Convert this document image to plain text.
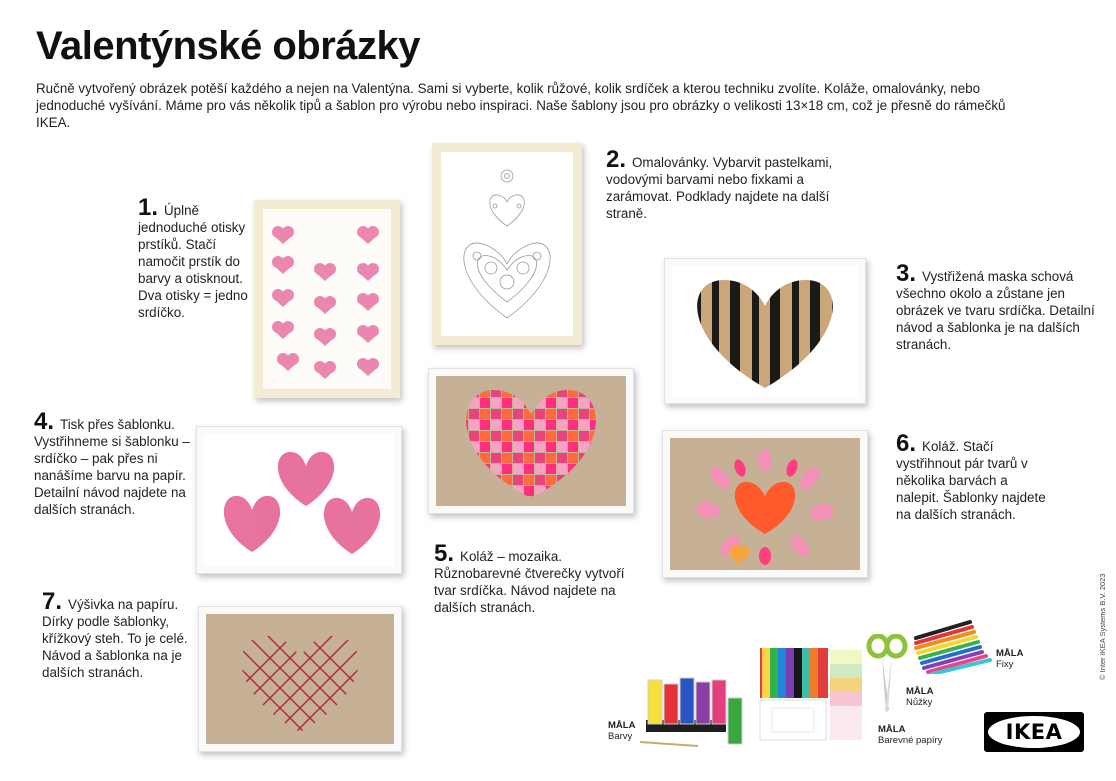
Valentýnské obrázky

Ručně vytvořený obrázek potěší každého a nejen na Valentýna. Sami si vyberte, kolik růžové, kolik srdíček a kterou techniku zvolíte. Koláže, omalovánky, nebo jednoduché vyšívání. Máme pro vás několik tipů a šablon pro výrobu nebo inspiraci. Naše šablony jsou pro obrázky o velikosti 13×18 cm, což je přesně do rámečků IKEA.

1. Úplně jednoduché otisky prstíků. Stačí namočit prstík do barvy a otisknout. Dva otisky = jedno srdíčko.
2. Omalovánky. Vybarvit pastelkami, vodovými barvami nebo fixkami a zarámovat. Podklady najdete na další straně.
3. Vystřižená maska schová všechno okolo a zůstane jen obrázek ve tvaru srdíčka. Detailní návod a šablonka je na dalších stranách.
4. Tisk přes šablonku. Vystřihneme si šablonku – srdíčko – pak přes ni nanášíme barvu na papír. Detailní návod najdete na dalších stranách.
5. Koláž – mozaika. Různobarevné čtverečky vytvoří tvar srdíčka. Návod najdete na dalších stranách.
6. Koláž. Stačí vystřihnout pár tvarů v několika barvách a nalepit. Šablonky najdete na dalších stranách.
7. Výšivka na papíru. Dírky podle šablonky, křížkový steh. To je celé. Návod a šablonka na je dalších stranách.
MÅLA
Barvy
MÅLA
Barevné papíry
MÅLA
Nůžky
MÅLA
Fixy	© Inter IKEA Systems B.V. 2023
IKEA
